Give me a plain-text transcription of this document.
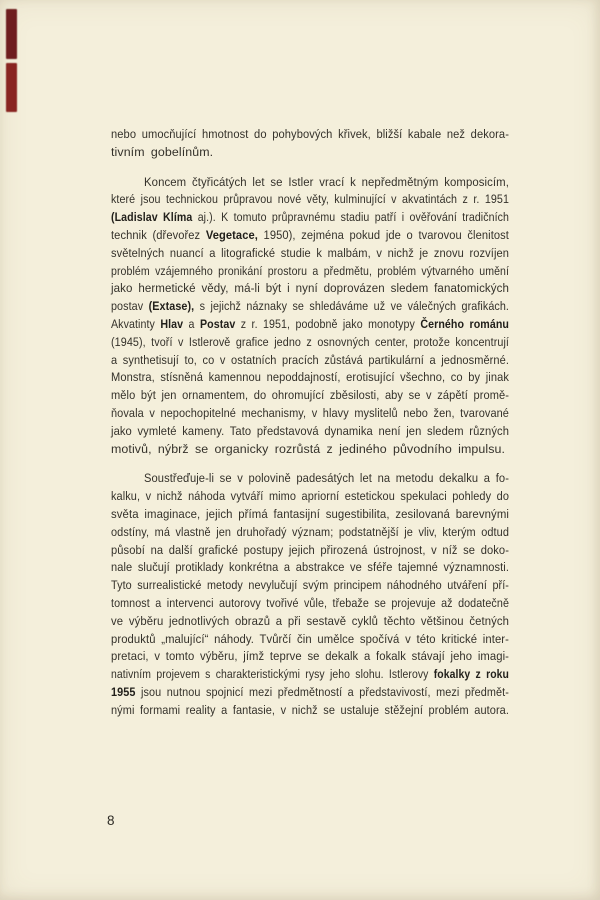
nebo umocňující hmotnost do pohybových křivek, bližší kabale než dekora-
tivním gobelínům.
Koncem čtyřicátých let se Istler vrací k nepředmětným komposicím,
které jsou technickou průpravou nové věty, kulminující v akvatintách z r. 1951
(Ladislav Klíma aj.). K tomuto průpravnému stadiu patří i ověřování tradičních
technik (dřevořez Vegetace, 1950), zejména pokud jde o tvarovou členitost
světelných nuancí a litografické studie k malbám, v nichž je znovu rozvíjen
problém vzájemného pronikání prostoru a předmětu, problém výtvarného umění
jako hermetické vědy, má-li být i nyní doprovázen sledem fanatomických
postav (Extase), s jejichž náznaky se shledáváme už ve válečných grafikách.
Akvatinty Hlav a Postav z r. 1951, podobně jako monotypy Černého románu
(1945), tvoří v Istlerově grafice jedno z osnovných center, protože koncentrují
a synthetisují to, co v ostatních pracích zůstává partikulární a jednosměrné.
Monstra, stísněná kamennou nepoddajností, erotisující všechno, co by jinak
mělo být jen ornamentem, do ohromující zběsilosti, aby se v zápětí promě-
ňovala v nepochopitelné mechanismy, v hlavy myslitelů nebo žen, tvarované
jako vymleté kameny. Tato představová dynamika není jen sledem různých
motivů, nýbrž se organicky rozrůstá z jediného původního impulsu.
Soustřeďuje-li se v polovině padesátých let na metodu dekalku a fo-
kalku, v nichž náhoda vytváří mimo apriorní estetickou spekulaci pohledy do
světa imaginace, jejich přímá fantasijní sugestibilita, zesilovaná barevnými
odstíny, má vlastně jen druhořadý význam; podstatnější je vliv, kterým odtud
působí na další grafické postupy jejich přirozená ústrojnost, v níž se doko-
nale slučují protiklady konkrétna a abstrakce ve sféře tajemné významnosti.
Tyto surrealistické metody nevylučují svým principem náhodného utváření pří-
tomnost a intervenci autorovy tvořivé vůle, třebaže se projevuje až dodatečně
ve výběru jednotlivých obrazů a při sestavě cyklů těchto většinou četných
produktů „malující“ náhody. Tvůrčí čin umělce spočívá v této kritické inter-
pretaci, v tomto výběru, jímž teprve se dekalk a fokalk stávají jeho imagi-
nativním projevem s charakteristickými rysy jeho slohu. Istlerovy fokalky z roku
1955 jsou nutnou spojnicí mezi předmětností a představivostí, mezi předmět-
nými formami reality a fantasie, v nichž se ustaluje stěžejní problém autora.
8
